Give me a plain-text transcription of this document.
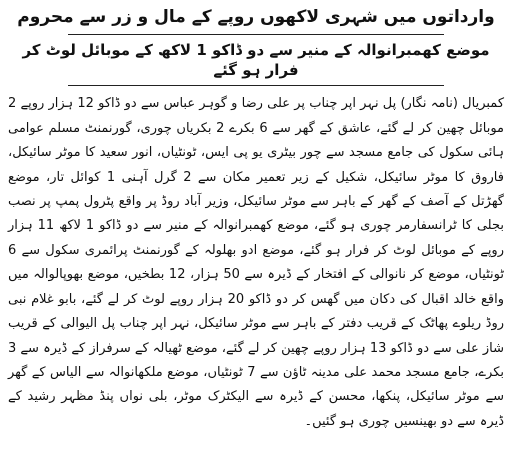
وارداتوں میں شہری لاکھوں روپے کے مال و زر سے محروم
موضع کھمبرانوالہ کے منیر سے دو ڈاکو 1 لاکھ کے موبائل لوٹ کر فرار ہو گئے

کمبریال (نامہ نگار) پل نہر اپر چناب پر علی رضا و گوہر عباس سے دو ڈاکو 12 ہزار روپے 2 موبائل چھین کر لے گئے، عاشق کے گھر سے 6 بکرے 2 بکریاں چوری، گورنمنٹ مسلم عوامی ہائی سکول کی جامع مسجد سے چور بیٹری یو پی ایس، ٹونٹیاں، انور سعید کا موٹر سائیکل، فاروق کا موٹر سائیکل، شکیل کے زیر تعمیر مکان سے 2 گرل آہنی 1 کوائل تار، موضع گھڑتل کے آصف کے گھر کے باہر سے موٹر سائیکل، وزیر آباد روڈ پر واقع پٹرول پمپ پر نصب بجلی کا ٹرانسفارمر چوری ہو گئے، موضع کھمبرانوالہ کے منیر سے دو ڈاکو 1 لاکھ 11 ہزار روپے کے موبائل لوٹ کر فرار ہو گئے، موضع ادو بھلولہ کے گورنمنٹ پرائمری سکول سے 6 ٹونٹیاں، موضع کر نانوالی کے افتخار کے ڈیرہ سے 50 ہزار، 12 بطخیں، موضع بھوپالوالہ میں واقع خالد اقبال کی دکان میں گھس کر دو ڈاکو 20 ہزار روپے لوٹ کر لے گئے، بابو غلام نبی روڈ ریلوے پھاٹک کے قریب دفتر کے باہر سے موٹر سائیکل، نہر اپر چناب پل الیوالی کے قریب شاز علی سے دو ڈاکو 13 ہزار روپے چھین کر لے گئے، موضع ٹھیالہ کے سرفراز کے ڈیرہ سے 3 بکرے، جامع مسجد محمد علی مدینہ ٹاؤن سے 7 ٹونٹیاں، موضع ملکھانوالہ سے الیاس کے گھر سے موٹر سائیکل، پنکھا، محسن کے ڈیرہ سے الیکٹرک موٹر، بلی نواں پنڈ مظہر رشید کے ڈیرہ سے دو بھینسیں چوری ہو گئیں۔
